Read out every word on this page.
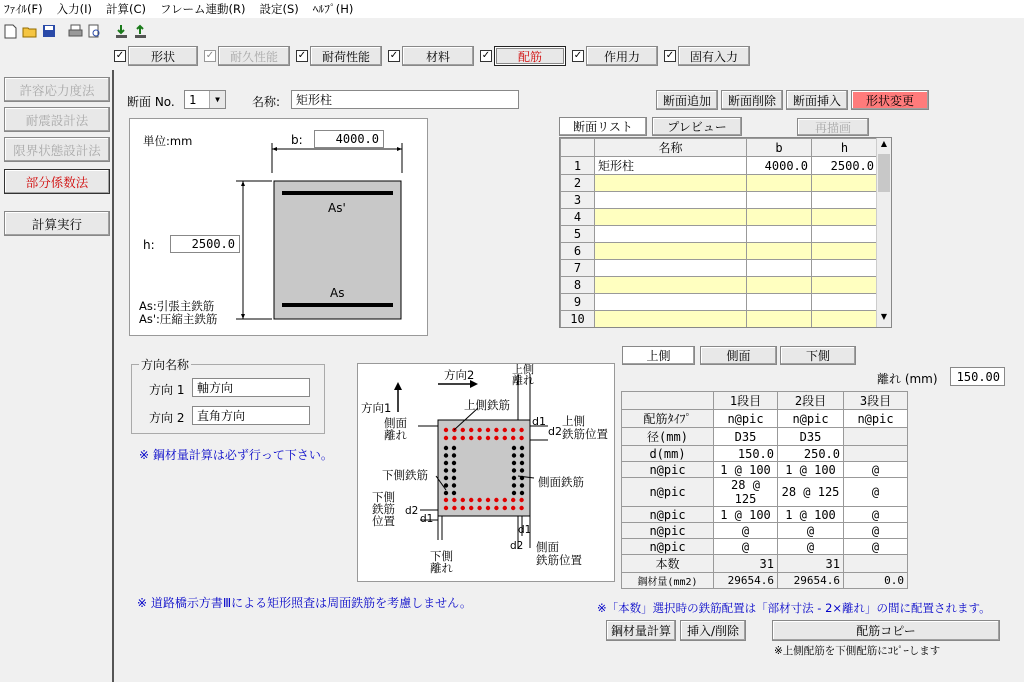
ﾌｧｲﾙ(F) 入力(I) 計算(C) フレーム連動(R) 設定(S) ﾍﾙﾌﾟ(H)
✓	形状	✓	耐久性能	✓	耐荷性能	✓	材料	✓	配筋	✓	作用力	✓	固有入力
許容応力度法
耐震設計法
限界状態設計法
部分係数法
計算実行
断面 No. 1	▼	名称:	矩形柱	断面追加	断面削除	断面挿入	形状変更
単位:mm	b:	4000.0
h:	2500.0
As'
As
As:引張主鉄筋
As':圧縮主鉄筋
断面リスト	プレビュー	再描画
	名称	b	h
1	矩形柱	4000.0	2500.0
2			
3			
4			
5			
6			
7			
8			
9			
10			
▲
▼
方向名称
方向 1	軸方向
方向 2	直角方向
※ 鋼材量計算は必ず行って下さい。
方向1
方向2	上側
離れ
上側鉄筋
側面
離れ
d1
d2
上側
鉄筋位置
側面鉄筋
下側鉄筋
下側
鉄筋
位置
d2
d1
下側
離れ
d1
d2 側面
鉄筋位置
上側	側面	下側
離れ (mm)	150.00
	1段目	2段目	3段目
配筋ﾀｲﾌﾟ	n@pic	n@pic	n@pic
径(mm)	D35	D35	
d(mm)	150.0	250.0	
n@pic	1 @ 100	1 @ 100	@
n@pic	28 @ 125	28 @ 125	@
n@pic	1 @ 100	1 @ 100	@
n@pic	@	@	@
n@pic	@	@	@
本数	31	31	
鋼材量(mm2)	29654.6	29654.6	0.0
※ 道路橋示方書Ⅲによる矩形照査は周面鉄筋を考慮しません。	※「本数」選択時の鉄筋配置は「部材寸法 - 2×離れ」の間に配置されます。
鋼材量計算	挿入/削除	配筋コピー
※上側配筋を下側配筋にｺﾋﾟｰします
